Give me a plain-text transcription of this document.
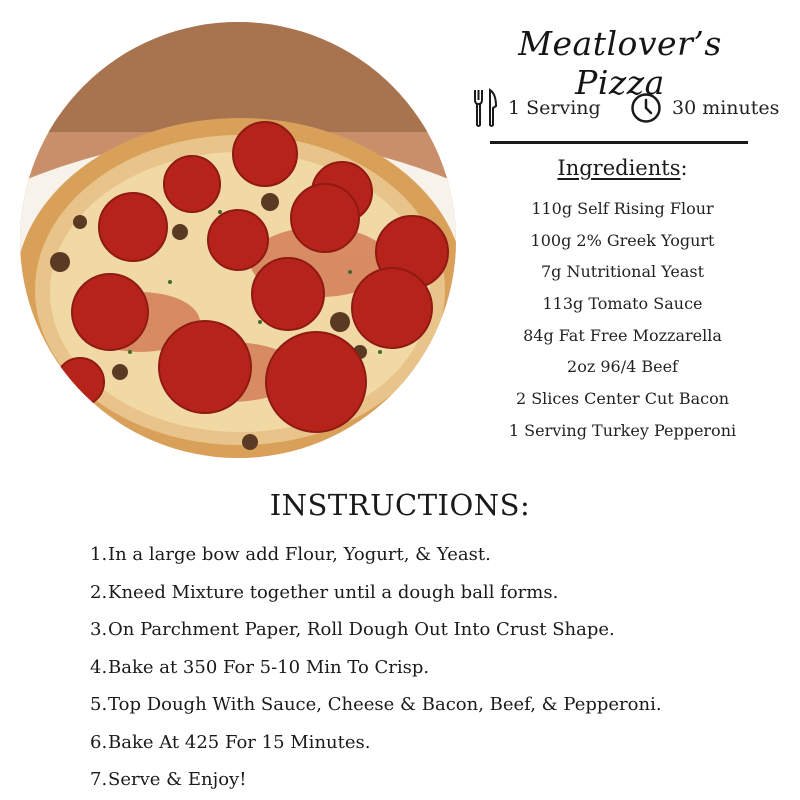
Meatlover’s Pizza
1 Serving	30 minutes
Ingredients:
110g Self Rising Flour
100g 2% Greek Yogurt
7g Nutritional Yeast
113g Tomato Sauce
84g Fat Free Mozzarella
2oz 96/4 Beef
2 Slices Center Cut Bacon
1 Serving Turkey Pepperoni
INSTRUCTIONS:
1.In a large bow add Flour, Yogurt, & Yeast.
2.Kneed Mixture together until a dough ball forms.
3.On Parchment Paper, Roll Dough Out Into Crust Shape.
4.Bake at 350 For 5-10 Min To Crisp.
5.Top Dough With Sauce, Cheese & Bacon, Beef, & Pepperoni.
6.Bake At 425 For 15 Minutes.
7.Serve & Enjoy!
